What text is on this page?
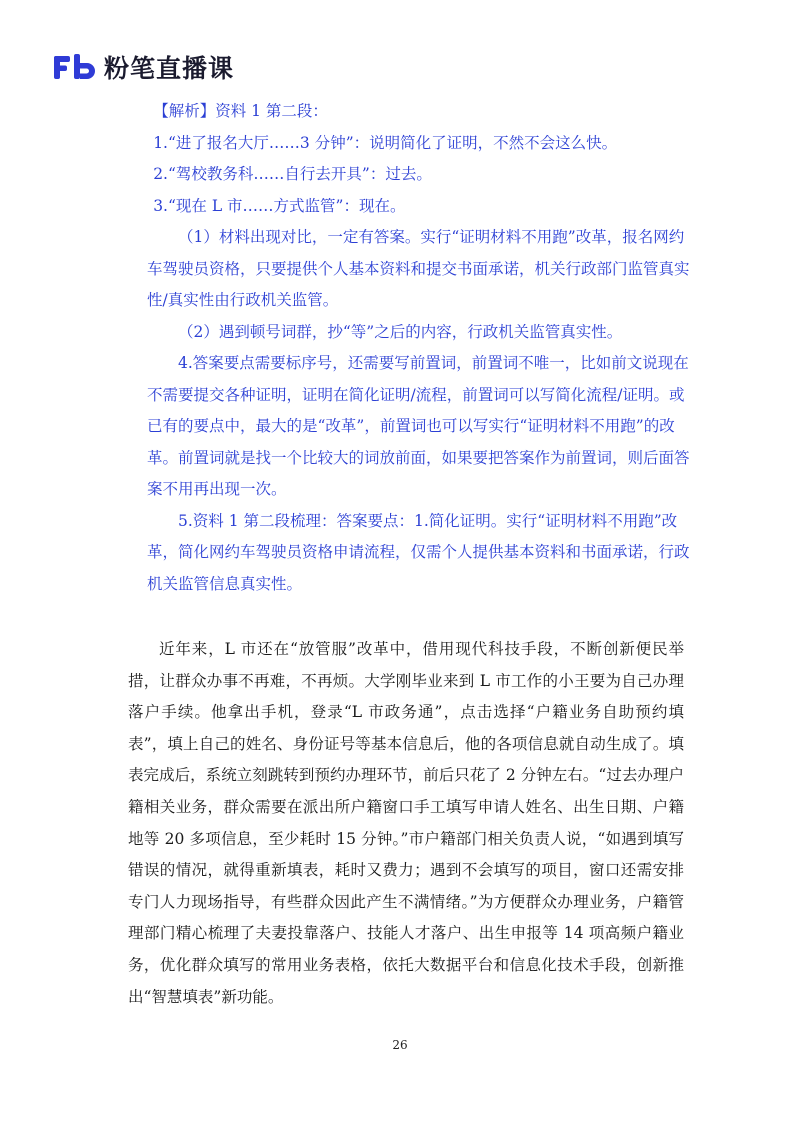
粉笔直播课

【解析】资料 1 第二段：

1.“进了报名大厅……3 分钟”：说明简化了证明，不然不会这么快。

2.“驾校教务科……自行去开具”：过去。

3.“现在 L 市……方式监管”：现在。

（1）材料出现对比，一定有答案。实行“证明材料不用跑”改革，报名网约车驾驶员资格，只要提供个人基本资料和提交书面承诺，机关行政部门监管真实性/真实性由行政机关监管。

（2）遇到顿号词群，抄“等”之后的内容，行政机关监管真实性。

4.答案要点需要标序号，还需要写前置词，前置词不唯一，比如前文说现在不需要提交各种证明，证明在简化证明/流程，前置词可以写简化流程/证明。或已有的要点中，最大的是“改革”，前置词也可以写实行“证明材料不用跑”的改革。前置词就是找一个比较大的词放前面，如果要把答案作为前置词，则后面答案不用再出现一次。

5.资料 1 第二段梳理：答案要点：1.简化证明。实行“证明材料不用跑”改革，简化网约车驾驶员资格申请流程，仅需个人提供基本资料和书面承诺，行政机关监管信息真实性。

近年来，L 市还在“放管服”改革中，借用现代科技手段，不断创新便民举措，让群众办事不再难，不再烦。大学刚毕业来到 L 市工作的小王要为自己办理落户手续。他拿出手机，登录“L 市政务通”，点击选择“户籍业务自助预约填表”，填上自己的姓名、身份证号等基本信息后，他的各项信息就自动生成了。填表完成后，系统立刻跳转到预约办理环节，前后只花了 2 分钟左右。“过去办理户籍相关业务，群众需要在派出所户籍窗口手工填写申请人姓名、出生日期、户籍地等 20 多项信息，至少耗时 15 分钟。”市户籍部门相关负责人说，“如遇到填写错误的情况，就得重新填表，耗时又费力；遇到不会填写的项目，窗口还需安排专门人力现场指导，有些群众因此产生不满情绪。”为方便群众办理业务，户籍管理部门精心梳理了夫妻投靠落户、技能人才落户、出生申报等 14 项高频户籍业务，优化群众填写的常用业务表格，依托大数据平台和信息化技术手段，创新推出“智慧填表”新功能。

26
